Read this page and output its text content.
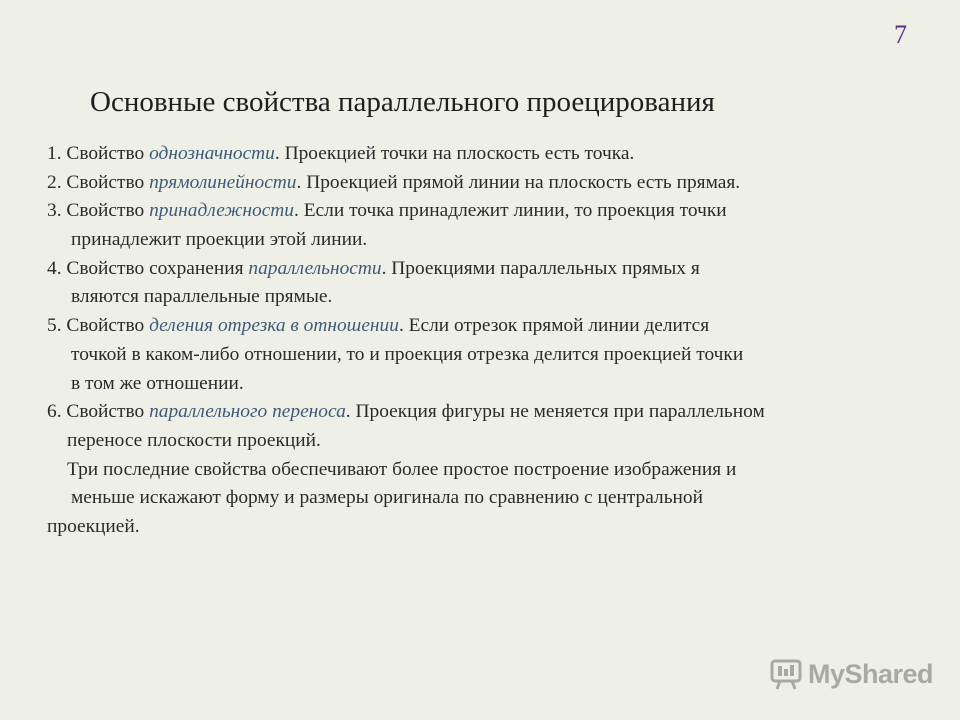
7
Основные свойства параллельного проецирования
1. Свойство однозначности. Проекцией точки на плоскость есть точка.
2. Свойство прямолинейности. Проекцией прямой линии на плоскость есть прямая.
3. Свойство принадлежности. Если точка принадлежит линии, то проекция точки
принадлежит проекции этой линии.
4. Свойство сохранения параллельности. Проекциями параллельных прямых я
вляются параллельные прямые.
5. Свойство деления отрезка в отношении. Если отрезок прямой линии делится
точкой в каком-либо отношении, то и проекция отрезка делится проекцией точки
в том же отношении.
6. Свойство параллельного переноса. Проекция фигуры не меняется при параллельном
переносе плоскости проекций.
Три последние свойства обеспечивают более простое построение изображения и
меньше искажают форму и размеры оригинала по сравнению с центральной
проекцией.
MyShared
